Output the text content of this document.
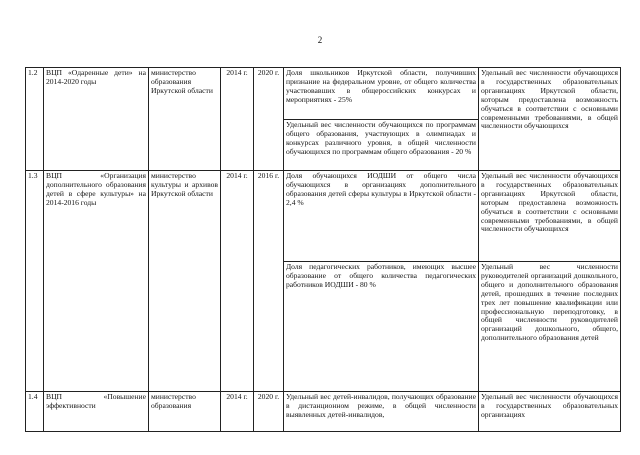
2
1.2	ВЦП «Одаренные дети» на 2014-2020 годы	министерство образования Иркутской области	2014 г.	2020 г.	Доля школьников Иркутской области, получивших признание на федеральном уровне, от общего количества участвовавших в общероссийских конкурсах и мероприятиях - 25%	Удельный вес численности обучающихся в государственных образовательных организациях Иркутской области, которым предоставлена возможность обучаться в соответствии с основными современными требованиями, в общей численности обучающихся
					Удельный вес численности обучающихся по программам общего образования, участвующих в олимпиадах и конкурсах различного уровня, в общей численности обучающихся по программам общего образования - 20 %	
1.3	ВЦП «Организация дополнительного образования детей в сфере культуры» на 2014-2016 годы	министерство культуры и архивов Иркутской области	2014 г.	2016 г.	Доля обучающихся ИОДШИ от общего числа обучающихся в организациях дополнительного образования детей сферы культуры в Иркутской области - 2,4 %	Удельный вес численности обучающихся в государственных образовательных организациях Иркутской области, которым предоставлена возможность обучаться в соответствии с основными современными требованиями, в общей численности обучающихся
					Доля педагогических работников, имеющих высшее образование от общего количества педагогических работников ИОДШИ - 80 %	Удельный вес численности руководителей организаций дошкольного, общего и дополнительного образования детей, прошедших в течение последних трех лет повышение квалификации или профессиональную переподготовку, в общей численности руководителей организаций дошкольного, общего, дополнительного образования детей
1.4	ВЦП «Повышение эффективности	министерство образования	2014 г.	2020 г.	Удельный вес детей-инвалидов, получающих образование в дистанционном режиме, в общей численности выявленных детей-инвалидов,	Удельный вес численности обучающихся в государственных образовательных организациях
